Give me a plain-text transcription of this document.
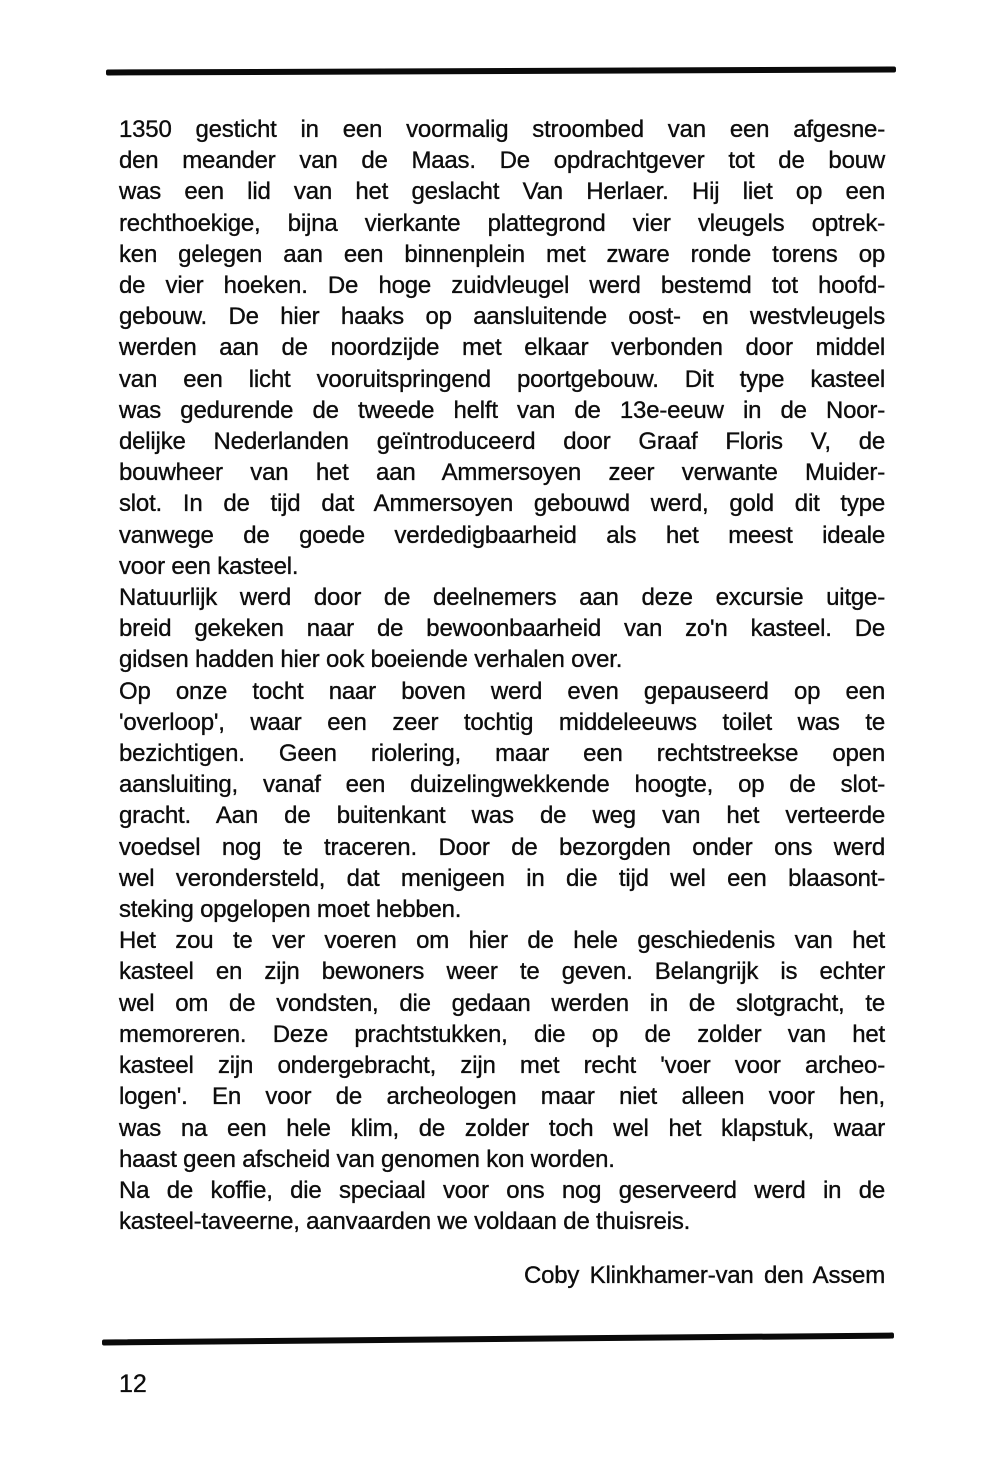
1350 gesticht in een voormalig stroombed van een afgesne-
den meander van de Maas. De opdrachtgever tot de bouw
was een lid van het geslacht Van Herlaer. Hij liet op een
rechthoekige, bijna vierkante plattegrond vier vleugels optrek-
ken gelegen aan een binnenplein met zware ronde torens op
de vier hoeken. De hoge zuidvleugel werd bestemd tot hoofd-
gebouw. De hier haaks op aansluitende oost- en westvleugels
werden aan de noordzijde met elkaar verbonden door middel
van een licht vooruitspringend poortgebouw. Dit type kasteel
was gedurende de tweede helft van de 13e-eeuw in de Noor-
delijke Nederlanden geïntroduceerd door Graaf Floris V, de
bouwheer van het aan Ammersoyen zeer verwante Muider-
slot. In de tijd dat Ammersoyen gebouwd werd, gold dit type
vanwege de goede verdedigbaarheid als het meest ideale
voor een kasteel.
Natuurlijk werd door de deelnemers aan deze excursie uitge-
breid gekeken naar de bewoonbaarheid van zo'n kasteel. De
gidsen hadden hier ook boeiende verhalen over.
Op onze tocht naar boven werd even gepauseerd op een
'overloop', waar een zeer tochtig middeleeuws toilet was te
bezichtigen. Geen riolering, maar een rechtstreekse open
aansluiting, vanaf een duizelingwekkende hoogte, op de slot-
gracht. Aan de buitenkant was de weg van het verteerde
voedsel nog te traceren. Door de bezorgden onder ons werd
wel verondersteld, dat menigeen in die tijd wel een blaasont-
steking opgelopen moet hebben.
Het zou te ver voeren om hier de hele geschiedenis van het
kasteel en zijn bewoners weer te geven. Belangrijk is echter
wel om de vondsten, die gedaan werden in de slotgracht, te
memoreren. Deze prachtstukken, die op de zolder van het
kasteel zijn ondergebracht, zijn met recht 'voer voor archeo-
logen'. En voor de archeologen maar niet alleen voor hen,
was na een hele klim, de zolder toch wel het klapstuk, waar
haast geen afscheid van genomen kon worden.
Na de koffie, die speciaal voor ons nog geserveerd werd in de
kasteel-taveerne, aanvaarden we voldaan de thuisreis.
Coby Klinkhamer-van den Assem
12
